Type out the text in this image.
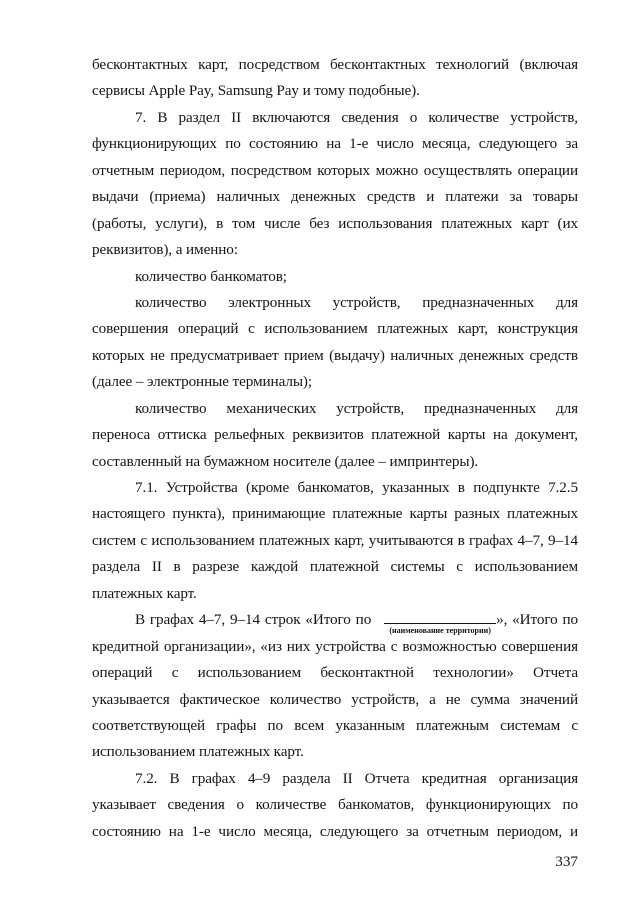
бесконтактных карт, посредством бесконтактных технологий (включая
сервисы Apple Pay, Samsung Pay и тому подобные).
7. В раздел II включаются сведения о количестве устройств,
функционирующих по состоянию на 1-е число месяца, следующего за
отчетным периодом, посредством которых можно осуществлять операции
выдачи (приема) наличных денежных средств и платежи за товары
(работы, услуги), в том числе без использования платежных карт (их
реквизитов), а именно:
количество банкоматов;
количество электронных устройств, предназначенных для
совершения операций с использованием платежных карт, конструкция
которых не предусматривает прием (выдачу) наличных денежных средств
(далее – электронные терминалы);
количество механических устройств, предназначенных для
переноса оттиска рельефных реквизитов платежной карты на документ,
составленный на бумажном носителе (далее – импринтеры).
7.1. Устройства (кроме банкоматов, указанных в подпункте 7.2.5
настоящего пункта), принимающие платежные карты разных платежных
систем с использованием платежных карт, учитываются в графах 4–7, 9–14
раздела II в разрезе каждой платежной системы с использованием
платежных карт.
В графах 4–7, 9–14 строк «Итого по
(наименование территории)
», «Итого по
кредитной организации», «из них устройства с возможностью совершения
операций с использованием бесконтактной технологии» Отчета
указывается фактическое количество устройств, а не сумма значений
соответствующей графы по всем указанным платежным системам с
использованием платежных карт.
7.2. В графах 4–9 раздела II Отчета кредитная организация
указывает сведения о количестве банкоматов, функционирующих по
состоянию на 1-е число месяца, следующего за отчетным периодом, и
337
